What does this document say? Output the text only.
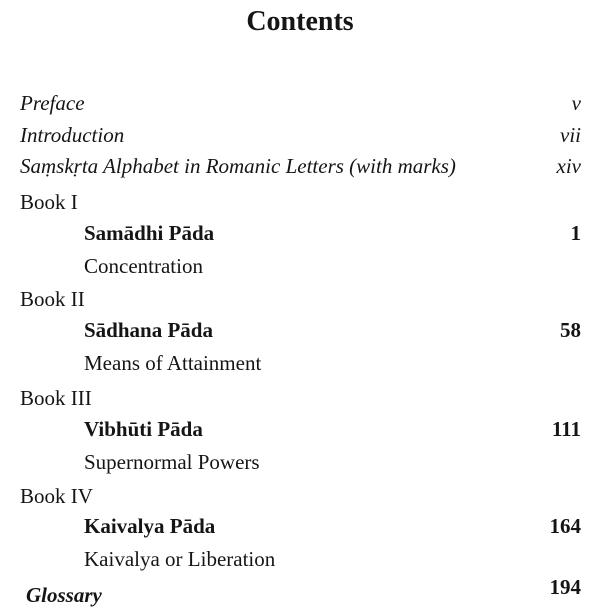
Contents
Preface	v
Introduction	vii
Saṃskṛta Alphabet in Romanic Letters (with marks)	xiv
Book I
Samādhi Pāda	1
Concentration
Book II
Sādhana Pāda	58
Means of Attainment
Book III
Vibhūti Pāda	111
Supernormal Powers
Book IV
Kaivalya Pāda	164
Kaivalya or Liberation
Glossary	194
